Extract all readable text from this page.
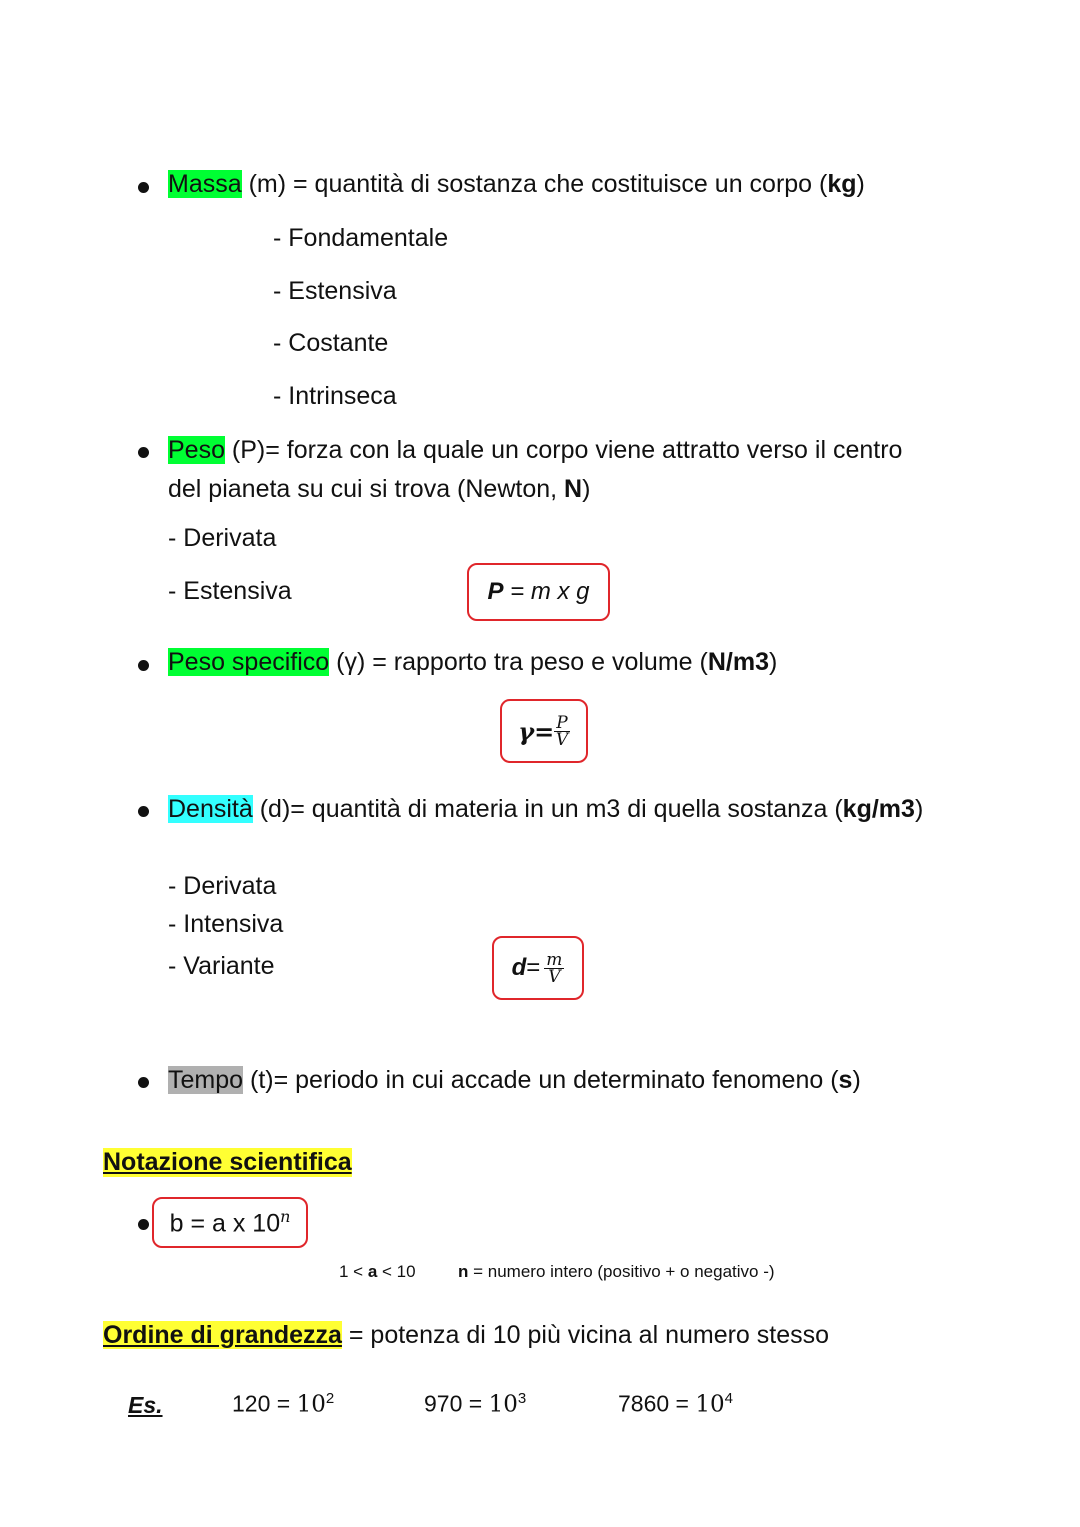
Massa (m) = quantità di sostanza che costituisce un corpo (kg)
- Fondamentale
- Estensiva
- Costante
- Intrinseca
Peso (P)= forza con la quale un corpo viene attratto verso il centro
del pianeta su cui si trova (Newton, N)
- Derivata
- Estensiva	P = m x g
Peso specifico (γ) = rapporto tra peso e volume (N/m3)
$\gamma= \frac{P}{V}$
Densità (d)= quantità di materia in un m3 di quella sostanza (kg/m3)
- Derivata
- Intensiva
- Variante	$d= \frac{m}{V}$
Tempo (t)= periodo in cui accade un determinato fenomeno (s)
Notazione scientifica
b = a x 10$^n$
1 < a < 10 n = numero intero (positivo + o negativo -)
Ordine di grandezza = potenza di 10 più vicina al numero stesso
Es.	$120 = 10^2$	$970 = 10^3$	$7860 = 10^4$
